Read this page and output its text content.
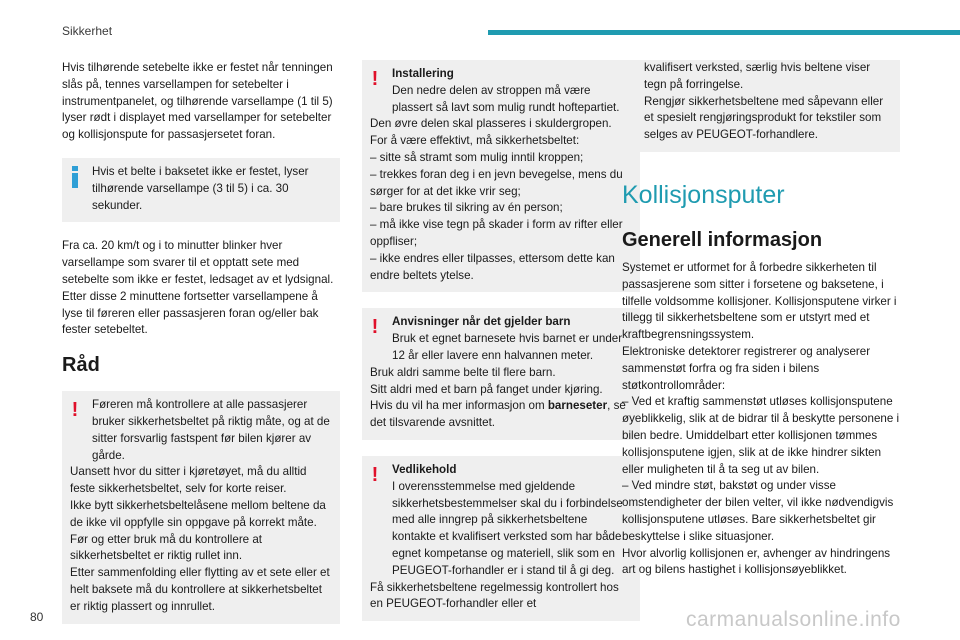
Sikkerhet

Hvis tilhørende setebelte ikke er festet når tenningen slås på, tennes varsellampen for setebelter i instrumentpanelet, og tilhørende varsellampe (1 til 5) lyser rødt i displayet med varsellamper for setebelter og kollisjonspute for passasjersetet foran.

Hvis et belte i baksetet ikke er festet, lyser tilhørende varsellampe (3 til 5) i ca. 30 sekunder.

Fra ca. 20 km/t og i to minutter blinker hver varsellampe som svarer til et opptatt sete med setebelte som ikke er festet, ledsaget av et lydsignal. Etter disse 2 minuttene fortsetter varsellampene å lyse til føreren eller passasjeren foran og/eller bak fester setebeltet.

Råd
!	Føreren må kontrollere at alle passasjerer bruker sikkerhetsbeltet på riktig måte, og at de sitter forsvarlig fastspent før bilen kjører av gårde.

Uansett hvor du sitter i kjøretøyet, må du alltid feste sikkerhetsbeltet, selv for korte reiser.

Ikke bytt sikkerhetsbeltelåsene mellom beltene da de ikke vil oppfylle sin oppgave på korrekt måte.

Før og etter bruk må du kontrollere at sikkerhetsbeltet er riktig rullet inn.

Etter sammenfolding eller flytting av et sete eller et helt baksete må du kontrollere at sikkerhetsbeltet er riktig plassert og innrullet.

!	Installering

Den nedre delen av stroppen må være plassert så lavt som mulig rundt hoftepartiet.

Den øvre delen skal plasseres i skuldergropen.

For å være effektivt, må sikkerhetsbeltet:

– sitte så stramt som mulig inntil kroppen;

– trekkes foran deg i en jevn bevegelse, mens du sørger for at det ikke vrir seg;

– bare brukes til sikring av én person;

– må ikke vise tegn på skader i form av rifter eller oppfliser;

– ikke endres eller tilpasses, ettersom dette kan endre beltets ytelse.

!	Anvisninger når det gjelder barn

Bruk et egnet barnesete hvis barnet er under 12 år eller lavere enn halvannen meter.

Bruk aldri samme belte til flere barn.

Sitt aldri med et barn på fanget under kjøring.

Hvis du vil ha mer informasjon om barneseter, se det tilsvarende avsnittet.

!	Vedlikehold

I overensstemmelse med gjeldende sikkerhetsbestemmelser skal du i forbindelse med alle inngrep på sikkerhetsbeltene kontakte et kvalifisert verksted som har både egnet kompetanse og materiell, slik som en PEUGEOT-forhandler er i stand til å gi deg.

Få sikkerhetsbeltene regelmessig kontrollert hos en PEUGEOT-forhandler eller et

kvalifisert verksted, særlig hvis beltene viser tegn på forringelse.

Rengjør sikkerhetsbeltene med såpevann eller et spesielt rengjøringsprodukt for tekstiler som selges av PEUGEOT-forhandlere.

Kollisjonsputer
Generell informasjon

Systemet er utformet for å forbedre sikkerheten til passasjerene som sitter i forsetene og baksetene, i tilfelle voldsomme kollisjoner. Kollisjonsputene virker i tillegg til sikkerhetsbeltene som er utstyrt med et kraftbegrensningssystem.

Elektroniske detektorer registrerer og analyserer sammenstøt forfra og fra siden i bilens støtkontrollområder:

– Ved et kraftig sammenstøt utløses kollisjonsputene øyeblikkelig, slik at de bidrar til å beskytte personene i bilen bedre. Umiddelbart etter kollisjonen tømmes kollisjonsputene igjen, slik at de ikke hindrer sikten eller muligheten til å ta seg ut av bilen.

– Ved mindre støt, bakstøt og under visse omstendigheter der bilen velter, vil ikke nødvendigvis kollisjonsputene utløses. Bare sikkerhetsbeltet gir beskyttelse i slike situasjoner.

Hvor alvorlig kollisjonen er, avhenger av hindringens art og bilens hastighet i kollisjonsøyeblikket.

80	carmanualsonline.info
